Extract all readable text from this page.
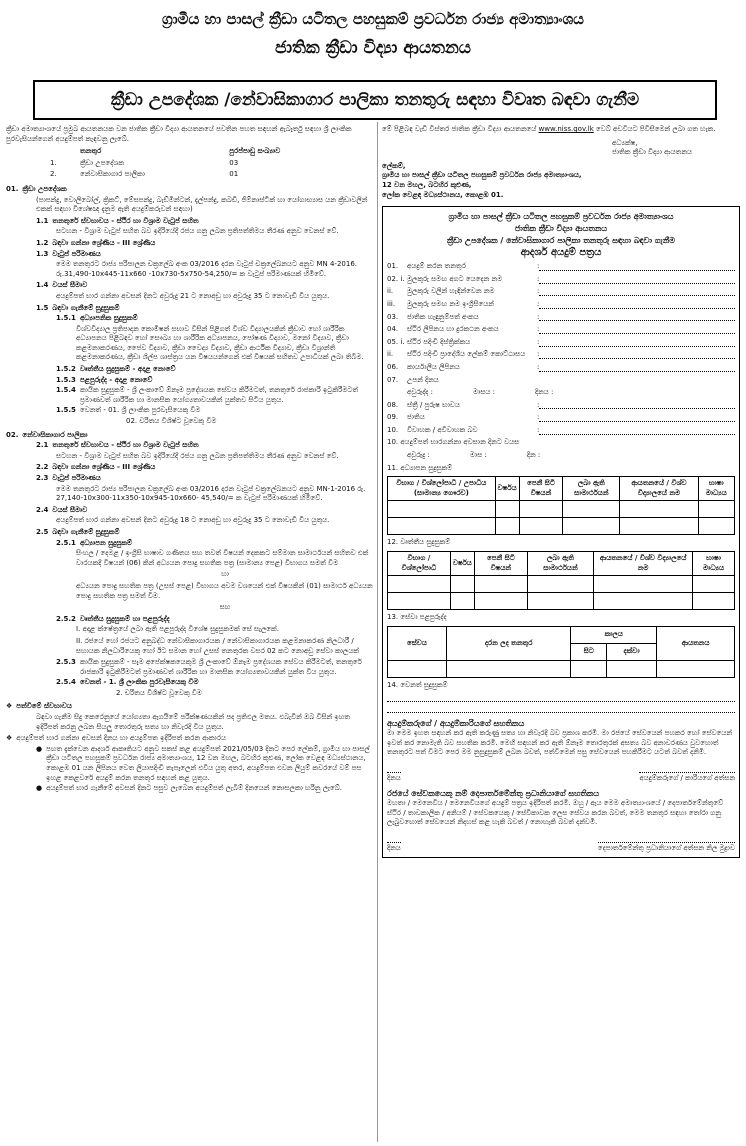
ග්‍රාමීය හා පාසල් ක්‍රීඩා යටිතල පහසුකම් ප්‍රවර්ධන රාජ්‍ය අමාත්‍යාංශය
ජාතික ක්‍රීඩා විද්‍යා ආයතනය
ක්‍රීඩා උපදේශක /නේවාසිකාගාර පාලිකා තනතුරු සඳහා විවෘත බඳවා ගැනීම
ක්‍රීඩා අමාත්‍යාංශයේ ප්‍රමුඛ ආයතනයක වන ජාතික ක්‍රීඩා විද්‍යා ආයතනයේ පවතින පහත සඳහන් ඇබෑර්තු සඳහා ශ්‍රී ලාංකික පුරවැසියන්ගෙන් අයදුම්පත් කැඳවනු ලැබේ.
	තනතුර	පුරප්පාඩු සංඛ්‍යාව
1.	ක්‍රීඩා උපදේශක	03
2.	නේවාසිකාගාර පාලිකා	01
01. ක්‍රීඩා උපදේශක
(පාපන්දු, වොලිබෝල්, ක්‍රිකට්, මේසපන්දු, බැඩ්මින්ටන්, දැල්පන්දු, කබඩි, ජිම්නාස්ටික් හා යෝගාභ්‍යාස යන ක්‍රීඩාවලින් එකක් සඳහා විශේෂඥ දැනුම ඇති අයදුම්කරුවන් සඳහා)
1.1 තනතුරේ ස්වභාවය - ස්ථිර හා විශ්‍රාම වැටුප් සහිත
සටහන - විශ්‍රාම වැටුප් සහිත බව ඉදිරියේදී රජය ගනු ලබන ප්‍රතිපත්තිමය තීරණ අනුව වෙනස් වේ.
1.2 බඳවා ගන්නා ශ්‍රේණිය - III ශ්‍රේණිය
1.3 වැටුප් පරිමාණය
මෙම තනතුරට රාජ්‍ය පරිපාලන චක්‍රලේඛ අංක 03/2016 දරන වැටුප් චක්‍රලේඛනයට අනුව MN 4-2016. රු.31,490-10x445-11x660 -10x730-5x750-54,250/= ක වැටුප් පරිමාණයක් හිමිවේ.
1.4 වයස් සීමාව
අයදුම්පත් භාර ගන්නා අවසන් දිනට අවුරුදු 21 ට නොඅඩු හා අවුරුදු 35 ට නොවැඩි විය යුතුය.
1.5 බඳවා ගැනීමේ සුදුසුකම්
1.5.1 අධ්‍යාපනික සුදුසුකම්
විශ්වවිද්‍යාල ප්‍රතිපාදන කොමිෂන් සභාව විසින් පිළිගත් විශ්ව විද්‍යාලයකින් ක්‍රීඩාව හෝ ශාරීරික අධ්‍යාපනය පිළිබඳව හෝ සෞඛ්‍ය හා ශාරීරික අධ්‍යාපනය, පෝෂණ විද්‍යාව, මනෝ විද්‍යාව, ක්‍රීඩා කළමනාකරණය, ජෛව විද්‍යාව, ක්‍රීඩා වෛද්‍ය විද්‍යාව, ක්‍රීඩා ආර්ථික විද්‍යාව, ක්‍රීඩා විශ්‍රාන්ති කළමනාකරණය, ක්‍රීඩා ශිල්ප ශාස්ත්‍රය යන විෂයයන්ගෙන් එක් විෂයක් සහිතව උපාධියක් ලබා තිබීම.
1.5.2 වෘත්තීය සුදුසුකම් - අදාළ නොවේ
1.5.3 පළපුරුද්ද - අදාළ නොවේ
1.5.4 කායික සුදුසුකම් - ශ්‍රී ලංකාවේ ඕනෑම ප්‍රදේශයක සේවය කිරීමටත්, තනතුරේ රාජකාරි ඉටුකිරීමටත් ප්‍රමාණවත් ශාරීරික හා මානසික යෝග්‍යතාවයකින් යුක්තව සිටිය යුතුය.
1.5.5 වෙනත් - 01. ශ්‍රී ලාංකික පුරවැසියෙකු වීම
02. චරිතය විශිෂ්ට වූවෙකු වීම
02. නේවාසිකාගාර පාලිකා
2.1 තනතුරේ ස්වභාවය - ස්ථිර හා විශ්‍රාම වැටුප් සහිත
සටහන - විශ්‍රාම වැටුප් සහිත බව ඉදිරියේදී රජය ගනු ලබන ප්‍රතිපත්තිමය තීරණ අනුව වෙනස් වේ.
2.2 බඳවා ගන්නා ශ්‍රේණිය - III ශ්‍රේණිය
2.3 වැටුප් පරිමාණය
මෙම තනතුරට රාජ්‍ය පරිපාලන චක්‍රලේඛ අංක 03/2016 දරන වැටුප් චක්‍රලේඛනයට අනුව MN-1-2016 රු. 27,140-10x300-11x350-10x945-10x660- 45,540/= ක වැටුප් පරිමාණයක් හිමිවේ.
2.4 වයස් සීමාව
අයදුම්පත් භාර ගන්නා අවසන් දිනට අවුරුදු 18 ට නොඅඩු හා අවුරුදු 35 ට නොවැඩි විය යුතුය.
2.5 බඳවා ගැනීමේ සුදුසුකම්
2.5.1 අධ්‍යාපන සුදුසුකම්
සිංහල / දෙමළ / ඉංග්‍රීසි භාෂාව ගණිතය සහ තවත් විෂයන් දෙකකට සම්මාන සාමාර්ථයන් සහිතව එක් වාරයකදී විෂයන් (06) කින් අධ්‍යයන පොදු සහතික පත්‍ර (සාමාන්‍ය පෙළ) විභාගය සමත් වීම
හා
අධ්‍යයන පොදු සහතික පත්‍ර (උසස් පෙළ) විභාගය අවම වශයෙන් එක් විෂයකින් (01) සාමාර්ථ අධ්‍යයන පොදු සහතික පත්‍ර සමත් වීම.
සහ
2.5.2 වෘත්තීය සුදුසුකම් හා පළපුරුද්ද
I. අදාළ ක්ෂේත්‍රයේ ලබා ඇති පළපුරුද්ද විශේෂ සුදුසුකමක් සේ සැලකේ.
II. රජයේ හෝ රජයට අනුබද්ධ නේවාසිකාගාරයක / නේවාසිකාගාරයක කළමනාකරණ නිලධාරී / සහායක නිලධාරියෙකු හෝ ඊට සමාන හෝ උසස් තනතුරක වසර 02 කට නොඅඩු සේවා කාලයක්
2.5.3 කායික සුදුසුකම් - සෑම අපේක්ෂකයෙකුම ශ්‍රී ලංකාවේ ඕනෑම ප්‍රදේශයක සේවය කිරීමටත්, තනතුරේ රාජකාරි ඉටුකිරීමටත් ප්‍රමාණවත් ශාරීරික හා මානසික යෝග්‍යතාවයකින් යුක්ත විය යුතුය.
2.5.4 වෙනත් - 1. ශ්‍රී ලාංකික පුරවැසියෙකු වීම
2. චරිතය විශිෂ්ට වූවෙකු වීම
❖ පත්වීමේ ස්වභාවය
බඳවා ගැනීම සිදු කෙරෙනුයේ යෝග්‍යතා ඇගයීමේ පරීක්ෂණයකින් පද ප්‍රතිඵල මතය. එබැවින් ඔබ විසින් ඉහත ඉදිරිපත් කරනු ලබන සියලු තොරතුරු සත්‍ය හා නිවැරදි විය යුතුය.
❖ අයදුම්පත් භාර ගන්නා අවසන් දිනය හා අයදුම්පත ඉදිරිපත් කරන ආකාරය
● පහත දැක්වෙන ආදර්ශ ආකෘතියට අනුව සකස් කළ අයදුම්පත් 2021/05/03 දිනට පෙර ලේකම්, ග්‍රාමීය හා පාසල් ක්‍රීඩා යටිතල පහසුකම් ප්‍රවර්ධන රාජ්‍ය අමාත්‍යාංශය, 12 වන මහල, බටහිර කුළුණ, ලෝක වෙළඳ මධ්‍යස්ථානය, කොළඹ 01 යන ලිපිනය වෙත ලියාපදිංචි තැපෑලෙන් එවිය යුතු අතර, අයදුම්පත එවන ලියුම් කවරයේ වම් පස ඉහළ කෙළවරේ අයදුම් කරන තනතුර සඳහන් කළ යුතුය.
● අයදුම්පත් භාර ගැනීමේ අවසන් දිනට පසුව ලැබෙන අයදුම්පත් ලැබීම් දිනයෙන් නොසලකා හරිනු ලැබේ.
මේ පිළිබඳ වැඩි විස්තර ජාතික ක්‍රීඩා විද්‍යා ආයතනයේ www.niss.gov.lk වෙබ් අඩවියට පිවිසීමෙන් ලබා ගත හැක.
අධ්‍යක්ෂ,
ජාතික ක්‍රීඩා විද්‍යා ආයතනය
ලේකම්,
ග්‍රාමීය හා පාසල් ක්‍රීඩා යටිතල පහසුකම් ප්‍රවර්ධන රාජ්‍ය අමාත්‍යාංශය,
12 වන මහල, බටහිර කුළුණ,
ලෝක වෙළඳ මධ්‍යස්ථානය, කොළඹ 01.
ග්‍රාමීය හා පාසල් ක්‍රීඩා යටිතල පහසුකම් ප්‍රවර්ධන රාජ්‍ය අමාත්‍යාංශය
ජාතික ක්‍රීඩා විද්‍යා ආයතනය
ක්‍රීඩා උපදේශක / නේවාසිකාගාර පාලිකා තනතුරු සඳහා බඳවා ගැනීම
ආදර්ශ අයදුම් පත්‍රය
01.	අයදුම් කරන තනතුර	:
02. i. මුලකුරු සමඟ අගට යෙදෙන නම	:
ii.	මුලකුරු වලින් හැඳින්වෙන නම	:
iii.	මුලකුරු සමඟ නම ඉංග්‍රීසියෙන්	:
03.	ජාතික හැඳුනුම්පත් අංකය	:
04.	ස්ථිර ලිපිනය හා දුරකථන අංකය	:
05. i. ස්ථිර පදිංචි දිස්ත්‍රික්කය	:
ii.	ස්ථිර පදිංචි ප්‍රාදේශීය ලේකම් කොට්ඨාසය	:
06.	කාර්යාලීය ලිපිනය	:
07.	උපන් දිනය
අවුරුද්ද :	මාසය :	දිනය :
08.	ස්ත්‍රී / පුරුෂ භාවය	:
09.	ජාතිය	:
10.	විවාහක / අවිවාහක බව	:
10. අයදුම්පත් භාරගන්නා අවසාන දිනට වයස
අවුරුදු :	මාස :	දින :
11. අධ්‍යාපන සුදුසුකම්
විභාග / විශ්ලෝපාධි / උපාධිය (සාමාන්‍ය ගෞරව)	වර්ෂය	පෙනී සිටි විෂයන්	ලබා ඇති සාමාර්ථයන්	ආයතනයේ / විශ්ව විද්‍යාලයේ නම	භාෂා මාධ්‍යය

12. වෘත්තීය සුදුසුකම්
විභාග / විශ්ලෝපාධි	වර්ෂය	පෙනී සිටි විෂයන්	ලබා ඇති සාමාර්ථයන්	ආයතනයේ / විශ්ව විද්‍යාලයේ නම	භාෂා මාධ්‍යය

13. සේවා පළපුරුද්ද
සේවය	දරන ලද තනතුර	කාලය		ආයතනය
		සිට	දක්වා	

14. වෙනත් සුදුසුකම්
අයදුම්කරුගේ / අයදුම්කාරියගේ සහතිකය
මා මෙම ඉහත සඳහන් කර ඇති කරුණු සත්‍ය හා නිවැරදි බව ප්‍රකාශ කරමි. මා රජයේ සේවයෙන් පහකර හෝ සේවයෙන් ඉවත් කර නොමැති බව සහතික කරමි. මෙහි සඳහන් කර ඇති ඕනෑම තොරතුරක් අසත්‍ය බව අනාවරණය වුවහොත් තනතුරට පත් වීමට පෙර මම නුසුදුසුකම් ලබන බවත්, පත්වීමෙන් පසු සේවයෙන් පහකිරීමට යටත් බවත් දනිමි.
දිනය	අයදුම්කරුගේ / කාරියගේ අත්සන
රජයේ සේවකයෙකු නම් දෙපාර්තමේන්තු ප්‍රධානියාගේ සහතිකය
මහතා / මෙනෙවිය / මෙනෙවියගේ අයදුම් පත්‍රය ඉදිරිපත් කරමි. ඔහු / ඇය මෙම අමාත්‍යාංශයේ / දෙපාර්තමේන්තුවේ ස්ථිර / තාවකාලික / අනියම් / සේවකයෙකු / සේවිකාවක ලෙස සේවය කරන බවත්, මෙම තනතුර සඳහා තෝරා ගනු ලැබුවහොත් සේවයෙන් නිදහස් කළ හැකි බවත් / නොහැකි බවත් දන්වමි.
දිනය	දෙපාර්තමේන්තු ප්‍රධානියාගේ අත්සන නිල මුද්‍රාව
